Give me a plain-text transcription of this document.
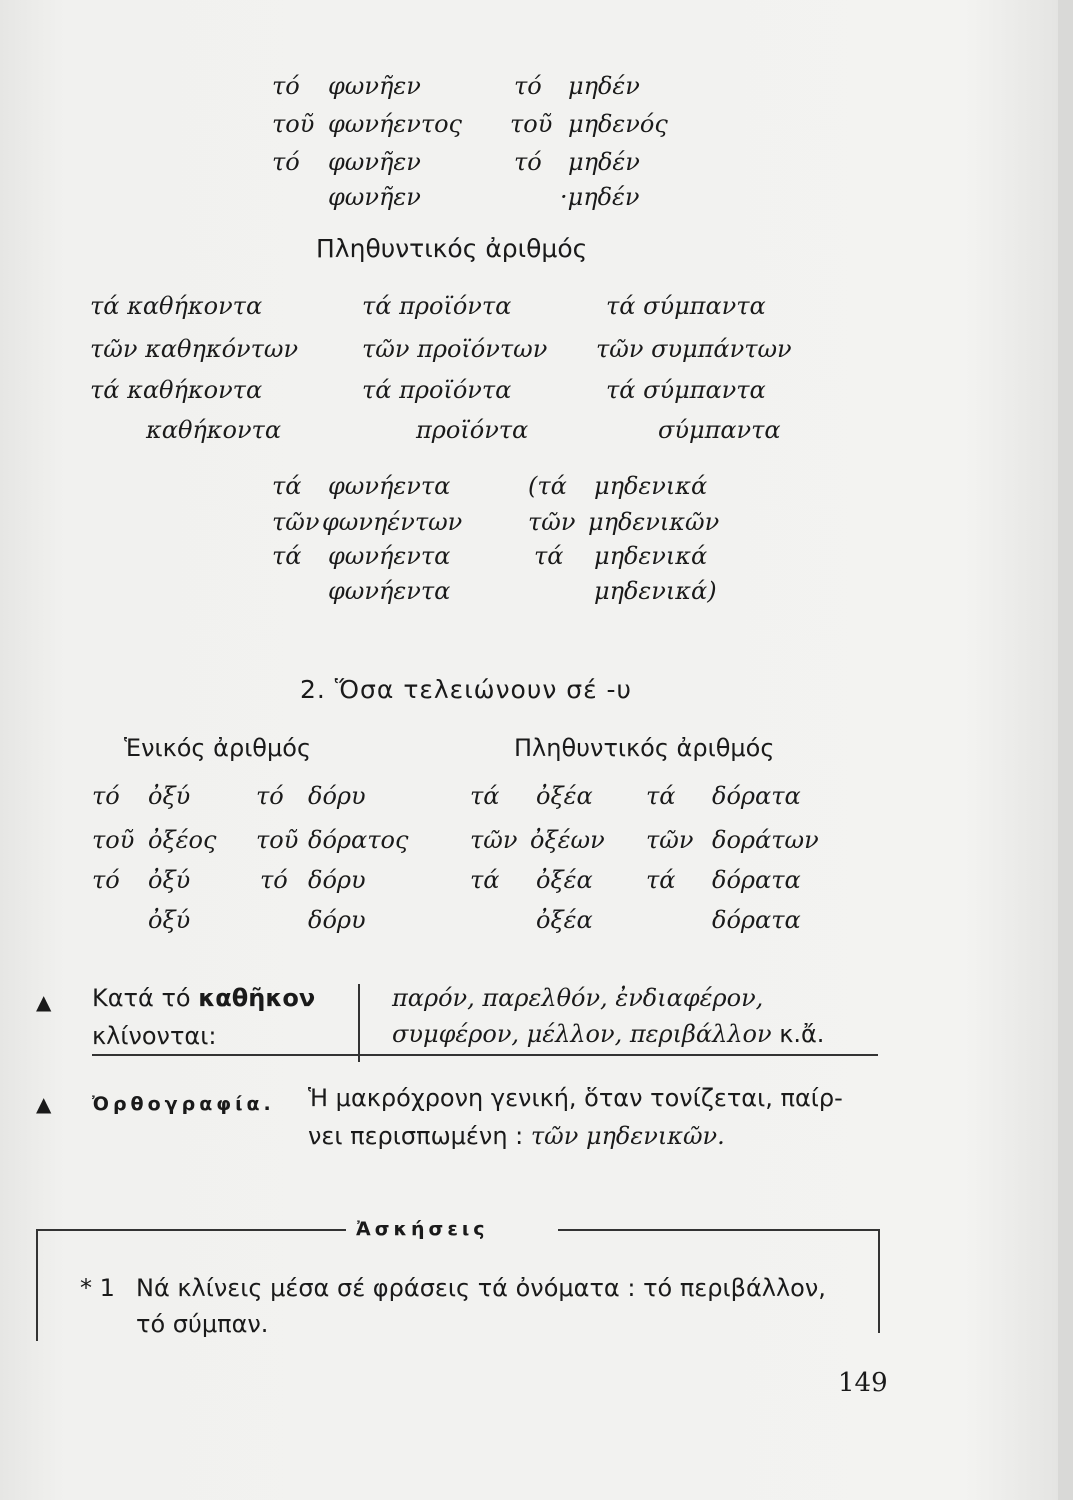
τό
τοῦ
τό
φωνῆεν
φωνήεντος
φωνῆεν
φωνῆεν
τό
τοῦ
τό
μηδέν
μηδενός
μηδέν
·μηδέν
Πληθυντικός ἀριθμός
τά καθήκοντα
τῶν καθηκόντων
τά καθήκοντα
καθήκοντα
τά προϊόντα
τῶν προϊόντων
τά προϊόντα
προϊόντα
τά σύμπαντα
τῶν συμπάντων
τά σύμπαντα
σύμπαντα
τά
τῶν
τά
φωνήεντα
φωνηέντων
φωνήεντα
φωνήεντα
(τά
τῶν
τά
μηδενικά
μηδενικῶν
μηδενικά
μηδενικά)
2. Ὅσα τελειώνουν σέ -υ
Ἑνικός ἀριθμός	Πληθυντικός ἀριθμός
τό
τοῦ
τό
ὀξύ
ὀξέος
ὀξύ
ὀξύ
τό
τοῦ
τό
δόρυ
δόρατος
δόρυ
δόρυ
τά
τῶν
τά
ὀξέα
ὀξέων
ὀξέα
ὀξέα
τά
τῶν
τά
δόρατα
δοράτων
δόρατα
δόρατα
▲ Κατά τό καθῆκον
κλίνονται:
παρόν, παρελθόν, ἐνδιαφέρον,
συμφέρον, μέλλον, περιβάλλον κ.ἄ.
▲ Ὀρθογραφία. Ἡ μακρόχρονη γενική, ὅταν τονίζεται, παίρ-
νει περισπωμένη : τῶν μηδενικῶν.
Ἀσκήσεις
* 1 Νά κλίνεις μέσα σέ φράσεις τά ὀνόματα : τό περιβάλλον,
τό σύμπαν.
149
